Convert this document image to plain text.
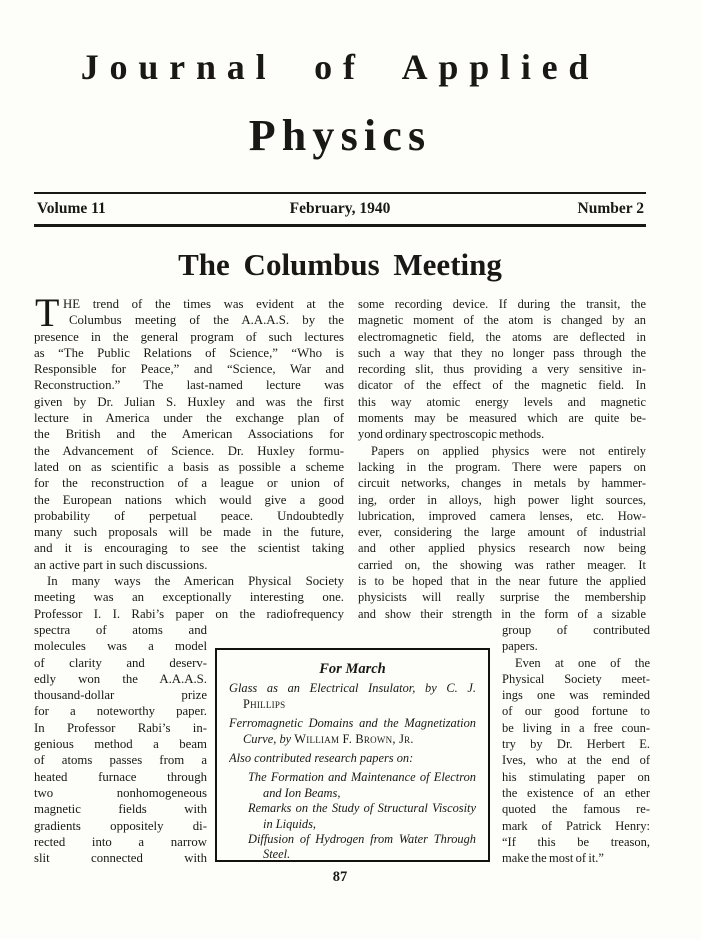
Journal of Applied
Physics
Volume 11	February, 1940	Number 2
The Columbus Meeting
T HE trend of the times was evident at the
Columbus meeting of the A.A.A.S. by the
presence in the general program of such lectures
as “The Public Relations of Science,” “Who is
Responsible for Peace,” and “Science, War and
Reconstruction.” The last-named lecture was
given by Dr. Julian S. Huxley and was the first
lecture in America under the exchange plan of
the British and the American Associations for
the Advancement of Science. Dr. Huxley formu-
lated on as scientific a basis as possible a scheme
for the reconstruction of a league or union of
the European nations which would give a good
probability of perpetual peace. Undoubtedly
many such proposals will be made in the future,
and it is encouraging to see the scientist taking
an active part in such discussions.
In many ways the American Physical Society
meeting was an exceptionally interesting one.
Professor I. I. Rabi’s paper on the radiofrequency
some recording device. If during the transit, the
magnetic moment of the atom is changed by an
electromagnetic field, the atoms are deflected in
such a way that they no longer pass through the
recording slit, thus providing a very sensitive in-
dicator of the effect of the magnetic field. In
this way atomic energy levels and magnetic
moments may be measured which are quite be-
yond ordinary spectroscopic methods.
Papers on applied physics were not entirely
lacking in the program. There were papers on
circuit networks, changes in metals by hammer-
ing, order in alloys, high power light sources,
lubrication, improved camera lenses, etc. How-
ever, considering the large amount of industrial
and other applied physics research now being
carried on, the showing was rather meager. It
is to be hoped that in the near future the applied
physicists will really surprise the membership
and show their strength in the form of a sizable
spectra of atoms and
molecules was a model
of clarity and deserv-
edly won the A.A.A.S.
thousand-dollar prize
for a noteworthy paper.
In Professor Rabi’s in-
genious method a beam
of atoms passes from a
heated furnace through
two nonhomogeneous
magnetic fields with
gradients oppositely di-
rected into a narrow
slit connected with
group of contributed
papers.
Even at one of the
Physical Society meet-
ings one was reminded
of our good fortune to
be living in a free coun-
try by Dr. Herbert E.
Ives, who at the end of
his stimulating paper on
the existence of an ether
quoted the famous re-
mark of Patrick Henry:
“If this be treason,
make the most of it.”
For March
Glass as an Electrical Insulator, by C. J.
Phillips
Ferromagnetic Domains and the Magnetization
Curve, by William F. Brown, Jr.
Also contributed research papers on:
The Formation and Maintenance of Electron
and Ion Beams,
Remarks on the Study of Structural Viscosity
in Liquids,
Diffusion of Hydrogen from Water Through
Steel.
87
